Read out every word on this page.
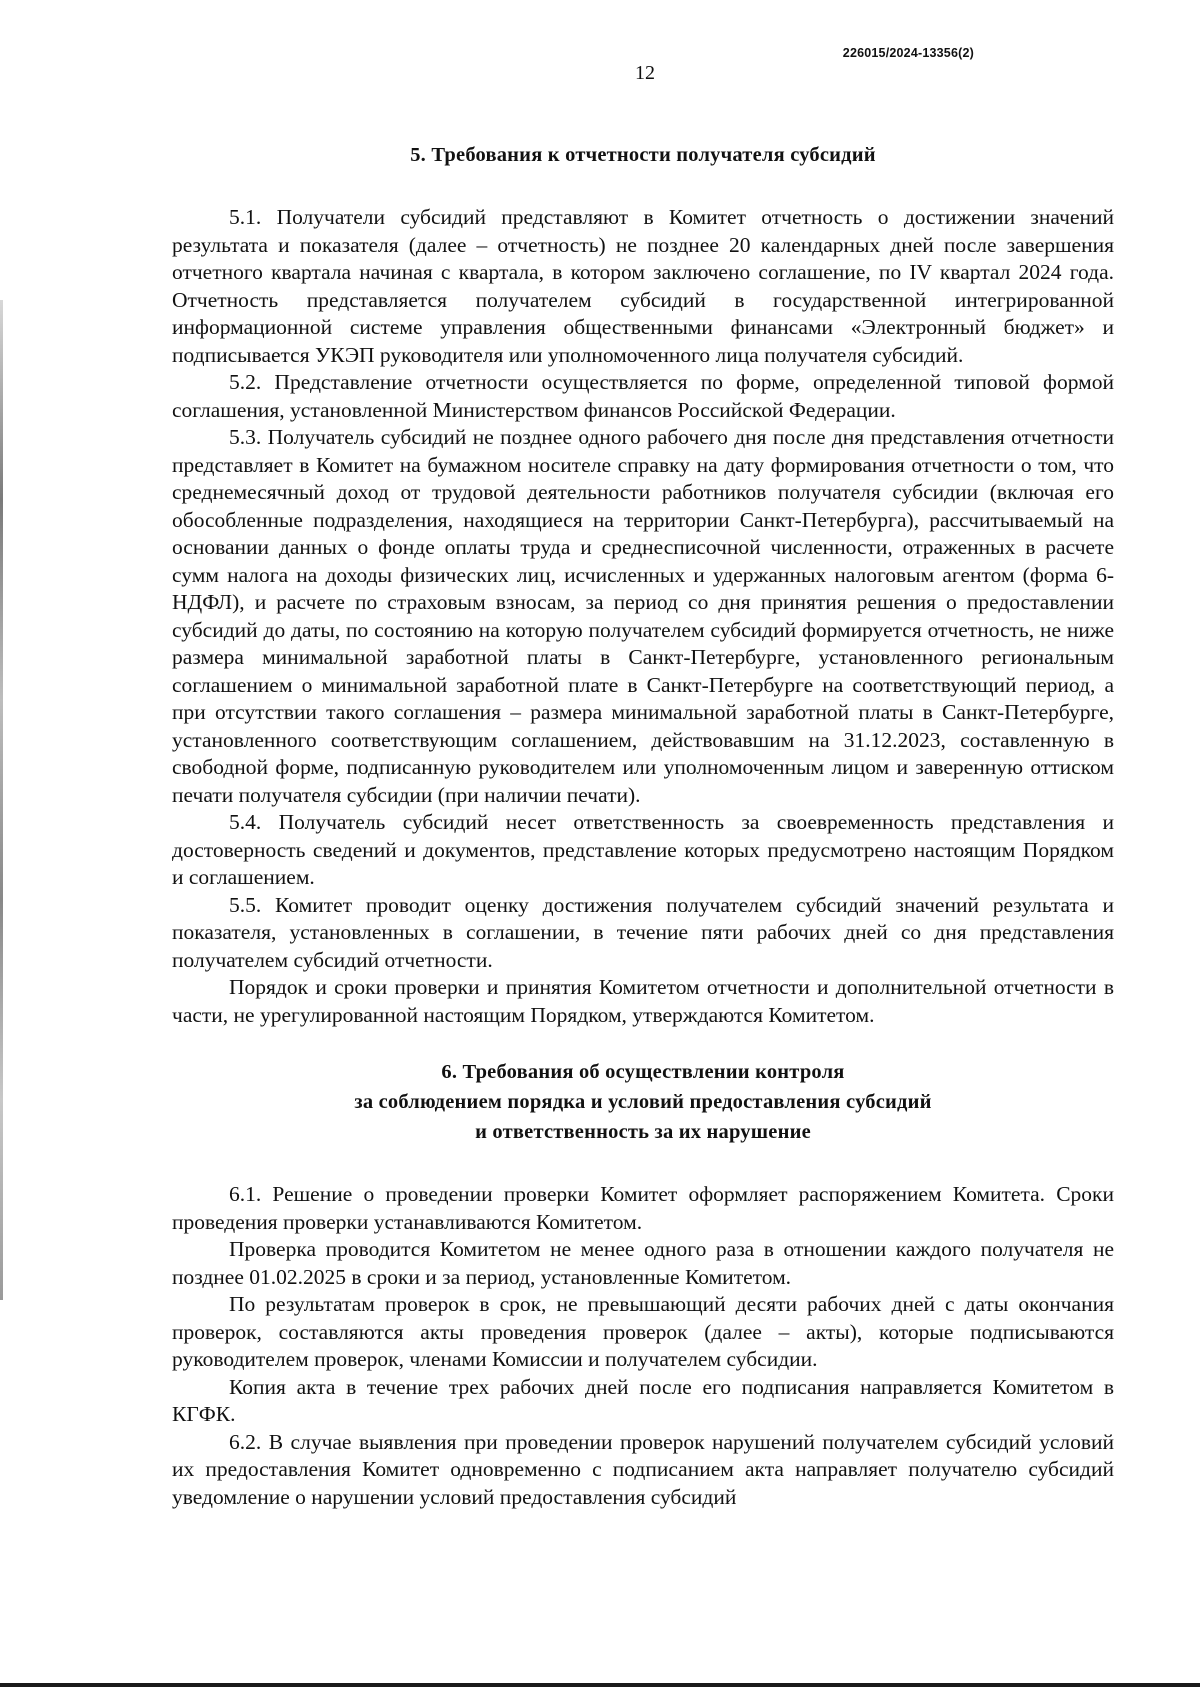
226015/2024-13356(2)
12
5. Требования к отчетности получателя субсидий

5.1. Получатели субсидий представляют в Комитет отчетность о достижении значений результата и показателя (далее – отчетность) не позднее 20 календарных дней после завершения отчетного квартала начиная с квартала, в котором заключено соглашение, по IV квартал 2024 года. Отчетность представляется получателем субсидий в государственной интегрированной информационной системе управления общественными финансами «Электронный бюджет» и подписывается УКЭП руководителя или уполномоченного лица получателя субсидий.

5.2. Представление отчетности осуществляется по форме, определенной типовой формой соглашения, установленной Министерством финансов Российской Федерации.

5.3. Получатель субсидий не позднее одного рабочего дня после дня представления отчетности представляет в Комитет на бумажном носителе справку на дату формирования отчетности о том, что среднемесячный доход от трудовой деятельности работников получателя субсидии (включая его обособленные подразделения, находящиеся на территории Санкт-Петербурга), рассчитываемый на основании данных о фонде оплаты труда и среднесписочной численности, отраженных в расчете сумм налога на доходы физических лиц, исчисленных и удержанных налоговым агентом (форма 6-НДФЛ), и расчете по страховым взносам, за период со дня принятия решения о предоставлении субсидий до даты, по состоянию на которую получателем субсидий формируется отчетность, не ниже размера минимальной заработной платы в Санкт-Петербурге, установленного региональным соглашением о минимальной заработной плате в Санкт-Петербурге на соответствующий период, а при отсутствии такого соглашения – размера минимальной заработной платы в Санкт-Петербурге, установленного соответствующим соглашением, действовавшим на 31.12.2023, составленную в свободной форме, подписанную руководителем или уполномоченным лицом и заверенную оттиском печати получателя субсидии (при наличии печати).

5.4. Получатель субсидий несет ответственность за своевременность представления и достоверность сведений и документов, представление которых предусмотрено настоящим Порядком и соглашением.

5.5. Комитет проводит оценку достижения получателем субсидий значений результата и показателя, установленных в соглашении, в течение пяти рабочих дней со дня представления получателем субсидий отчетности.

Порядок и сроки проверки и принятия Комитетом отчетности и дополнительной отчетности в части, не урегулированной настоящим Порядком, утверждаются Комитетом.

6. Требования об осуществлении контроля
за соблюдением порядка и условий предоставления субсидий
и ответственность за их нарушение

6.1. Решение о проведении проверки Комитет оформляет распоряжением Комитета. Сроки проведения проверки устанавливаются Комитетом.

Проверка проводится Комитетом не менее одного раза в отношении каждого получателя не позднее 01.02.2025 в сроки и за период, установленные Комитетом.

По результатам проверок в срок, не превышающий десяти рабочих дней с даты окончания проверок, составляются акты проведения проверок (далее – акты), которые подписываются руководителем проверок, членами Комиссии и получателем субсидии.

Копия акта в течение трех рабочих дней после его подписания направляется Комитетом в КГФК.

6.2. В случае выявления при проведении проверок нарушений получателем субсидий условий их предоставления Комитет одновременно с подписанием акта направляет получателю субсидий уведомление о нарушении условий предоставления субсидий
